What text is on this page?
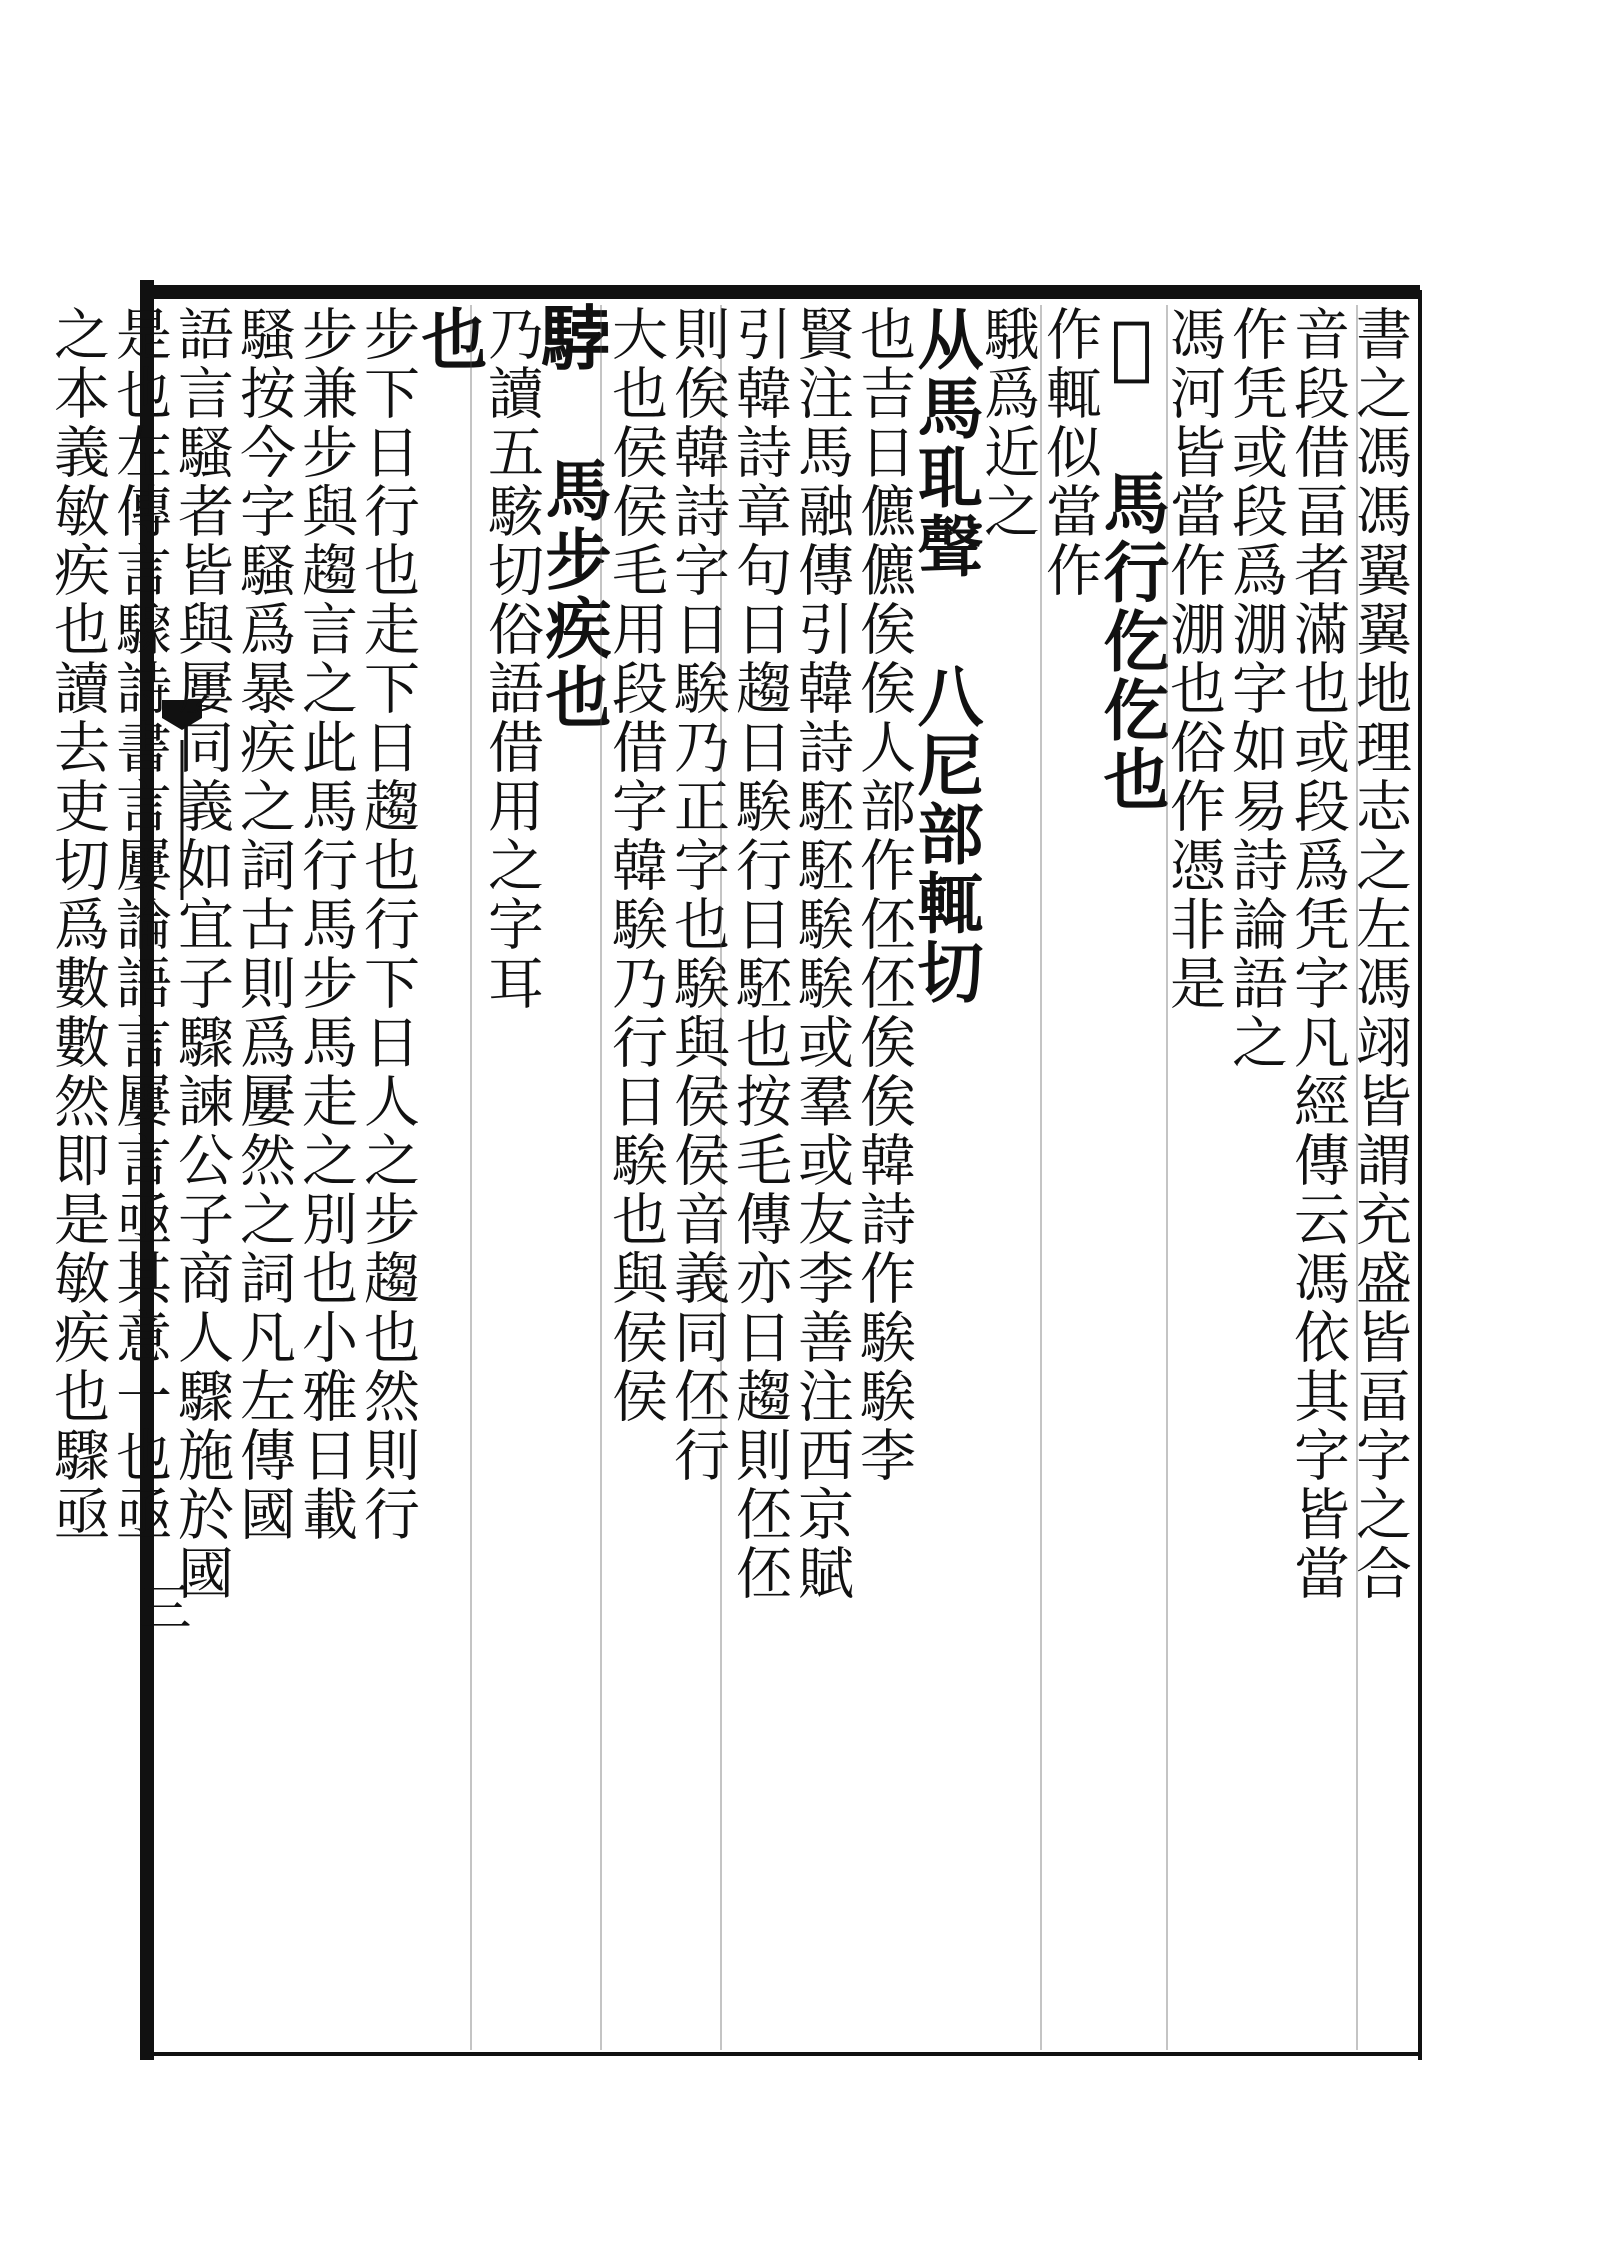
三
書之馮馮翼翼地理志之左馮翊皆謂充盛皆畐字之合
音段借畐者滿也或段爲凭字凡經傳云馮依其字皆當
作凭或段爲淜字如易詩論語之
馮河皆當作淜也俗作憑非是
𩡶 馬行仡仡也
作輒似當作
騀爲近之
从馬耴聲 八尼部輒切
也吉日儦儦俟俟人部作伾伾俟俟韓詩作騃騃李
賢注馬融傳引韓詩駓駓騃騃或羣或友李善注西京賦
引韓詩章句日趨日騃行日駓也按毛傳亦日趨則伾伾
則俟韓詩字日騃乃正字也騃與侯侯音義同伾行
大也侯侯毛用段借字韓騃乃行日騃也與侯侯
𩣡 馬步疾也
乃讀五駭切俗語借用之字耳
也
步下日行也走下日趨也行下日人之步趨也然則行
步兼步與趨言之此馬行馬步馬走之別也小雅日載
騷按今字騷爲暴疾之詞古則爲屢然之詞凡左傳國
語言騷者皆與屢同義如宜子驟諫公子商人驟施於國
是也左傳言驟詩書言屢論語言屢言亟其意一也亟
之本義敏疾也讀去吏切爲數數然即是敏疾也驟亟
